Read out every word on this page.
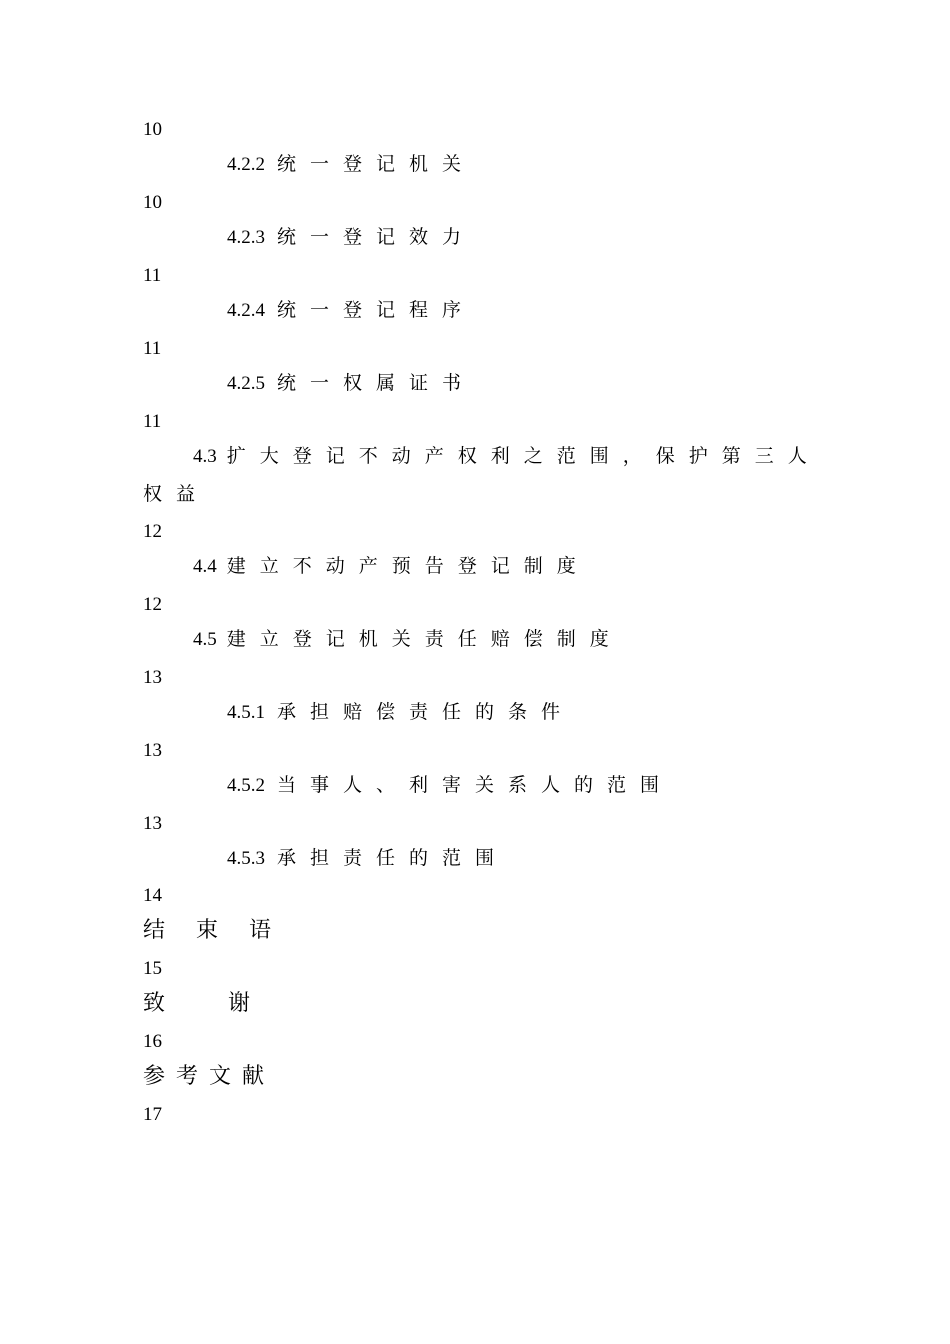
10
4.2.2 统一登记机关
10
4.2.3 统一登记效力
11
4.2.4 统一登记程序
11
4.2.5 统一权属证书
11
4.3 扩大登记不动产权利之范围，保护第三人
权益
12
4.4 建立不动产预告登记制度
12
4.5 建立登记机关责任赔偿制度
13
4.5.1 承担赔偿责任的条件
13
4.5.2 当事人、利害关系人的范围
13
4.5.3 承担责任的范围
14
结 束 语
15
致 谢
16
参考文献
17
